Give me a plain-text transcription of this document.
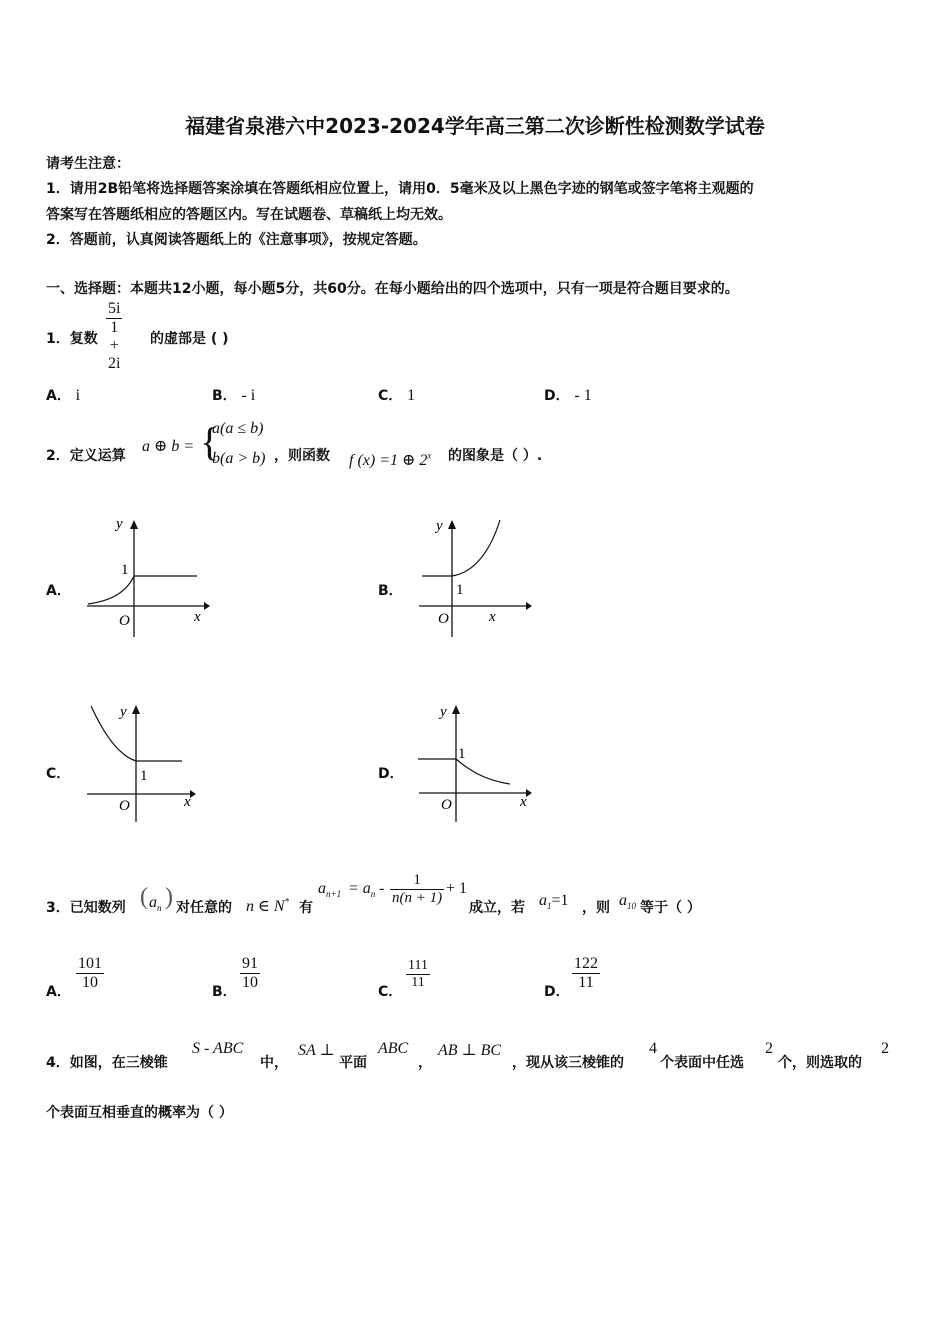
福建省泉港六中2023-2024学年高三第二次诊断性检测数学试卷
请考生注意：
1．请用2B铅笔将选择题答案涂填在答题纸相应位置上，请用0．5毫米及以上黑色字迹的钢笔或签字笔将主观题的
答案写在答题纸相应的答题区内。写在试题卷、草稿纸上均无效。
2．答题前，认真阅读答题纸上的《注意事项》，按规定答题。
一、选择题：本题共12小题，每小题5分，共60分。在每小题给出的四个选项中，只有一项是符合题目要求的。
1．复数 $\frac{5i}{1 + 2i}$ 的虚部是 ( )
A． i	B． - i	C． 1	D． - 1
2．定义运算
a ⊕ b = {
a(a ≤ b)
b(a > b) ，则函数 f (x) =1 ⊕ 2$^x$ 的图象是（ ）.
A．	B．
C．	D．
y
x
O
1
y
x
O
1
y
x
O
1
y
x
O
1
3．已知数列 ( $a_n$ ) 对任意的 n ∈ N* 有
$a_{n+1} = a_n - \frac{1}{n(n + 1)} + 1$
成立，若 $a_1=1$ ，则 $a_{10}$ 等于（ ）
A． $\frac{101}{10}$	B． $\frac{91}{10}$	C．
$\frac{111}{11}$
D． $\frac{122}{11}$
4．如图，在三棱锥
S - ABC
中，
SA ⊥
平面
ABC
，
AB ⊥ BC
，现从该三棱锥的
4
个表面中任选
2
个，则选取的
2
个表面互相垂直的概率为（ ）
